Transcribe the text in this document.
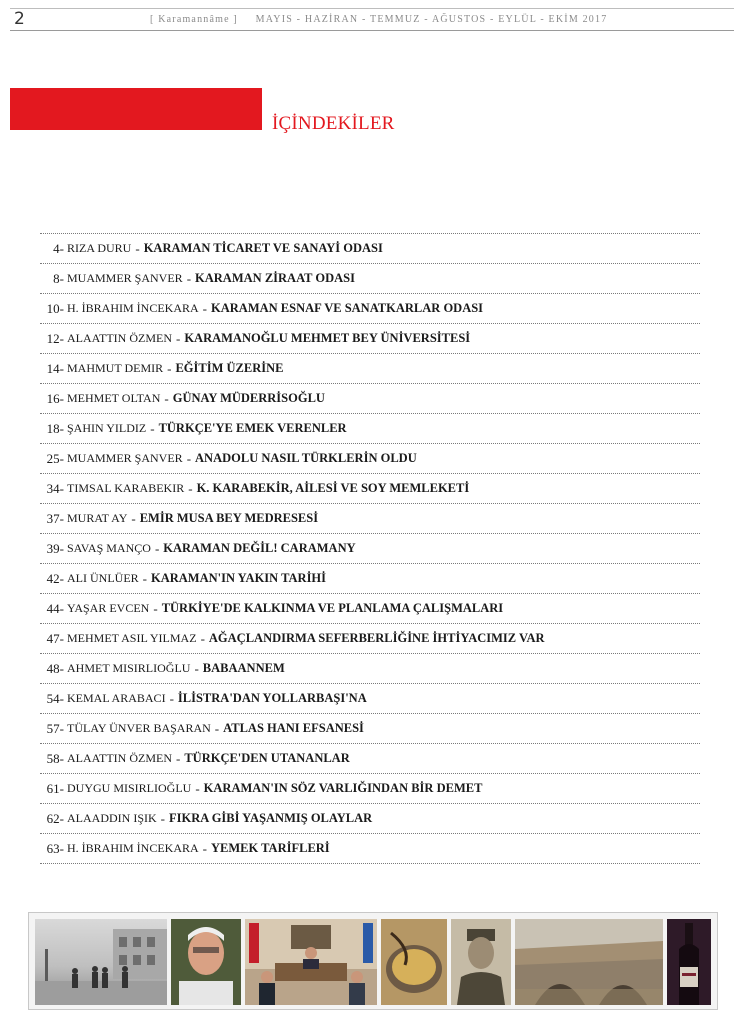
2	[ Karamannâme ] MAYIS - HAZİRAN - TEMMUZ - AĞUSTOS - EYLÜL - EKİM 2017
İÇİNDEKİLER
4- RIZA DURU - KARAMAN TİCARET VE SANAYİ ODASI
8- MUAMMER ŞANVER - KARAMAN ZİRAAT ODASI
10- H. İBRAHIM İNCEKARA - KARAMAN ESNAF VE SANATKARLAR ODASI
12- ALAATTIN ÖZMEN - KARAMANOĞLU MEHMET BEY ÜNİVERSİTESİ
14- MAHMUT DEMIR - EĞİTİM ÜZERİNE
16- MEHMET OLTAN - GÜNAY MÜDERRİSOĞLU
18- ŞAHIN YILDIZ - TÜRKÇE'YE EMEK VERENLER
25- MUAMMER ŞANVER - ANADOLU NASIL TÜRKLERİN OLDU
34- TIMSAL KARABEKIR - K. KARABEKİR, AİLESİ VE SOY MEMLEKETİ
37- MURAT AY - EMİR MUSA BEY MEDRESESİ
39- SAVAŞ MANÇO - KARAMAN DEĞİL! CARAMANY
42- ALI ÜNLÜER - KARAMAN'IN YAKIN TARİHİ
44- YAŞAR EVCEN - TÜRKİYE'DE KALKINMA VE PLANLAMA ÇALIŞMALARI
47- MEHMET ASIL YILMAZ - AĞAÇLANDIRMA SEFERBERLİĞİNE İHTİYACIMIZ VAR
48- AHMET MISIRLIOĞLU - BABAANNEM
54- KEMAL ARABACI - İLİSTRA'DAN YOLLARBAŞI'NA
57- TÜLAY ÜNVER BAŞARAN - ATLAS HANI EFSANESİ
58- ALAATTIN ÖZMEN - TÜRKÇE'DEN UTANANLAR
61- DUYGU MISIRLIOĞLU - KARAMAN'IN SÖZ VARLIĞINDAN BİR DEMET
62- ALAADDIN IŞIK - FIKRA GİBİ YAŞANMIŞ OLAYLAR
63- H. İBRAHIM İNCEKARA - YEMEK TARİFLERİ
